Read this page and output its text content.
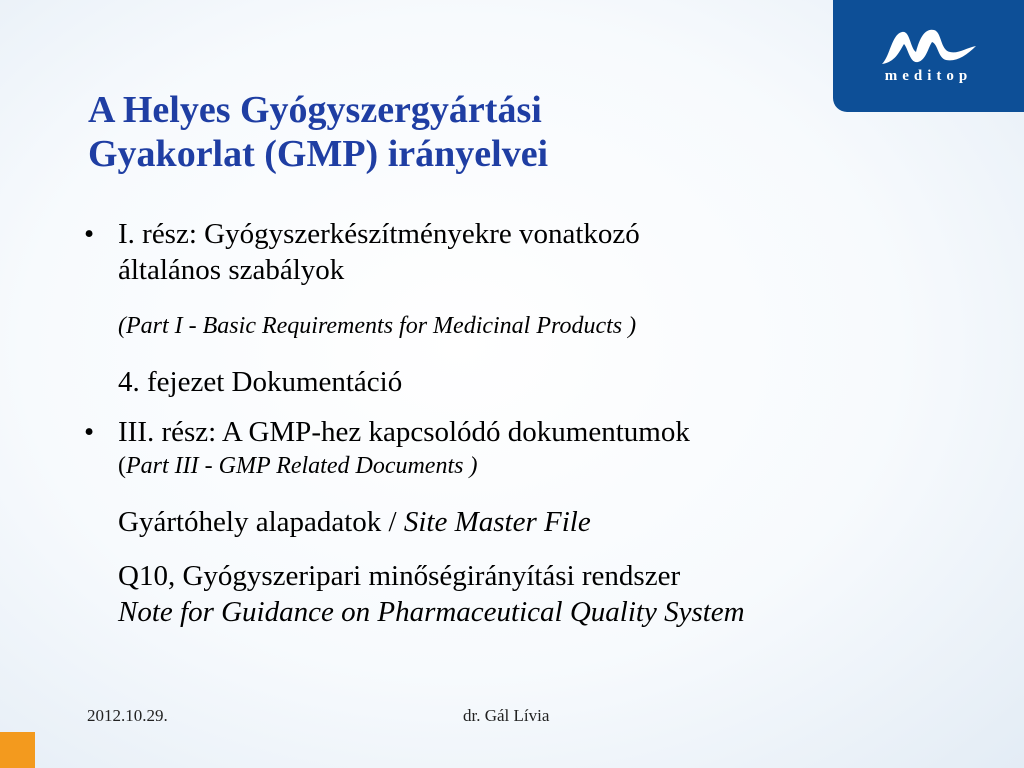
meditop
A Helyes Gyógyszergyártási
Gyakorlat (GMP) irányelvei
• I. rész: Gyógyszerkészítményekre vonatkozó
általános szabályok
(Part I - Basic Requirements for Medicinal Products )
4. fejezet Dokumentáció
• III. rész: A GMP-hez kapcsolódó dokumentumok
(Part III - GMP Related Documents )
Gyártóhely alapadatok / Site Master File
Q10, Gyógyszeripari minőségirányítási rendszer
Note for Guidance on Pharmaceutical Quality System
2012.10.29.	dr. Gál Lívia
